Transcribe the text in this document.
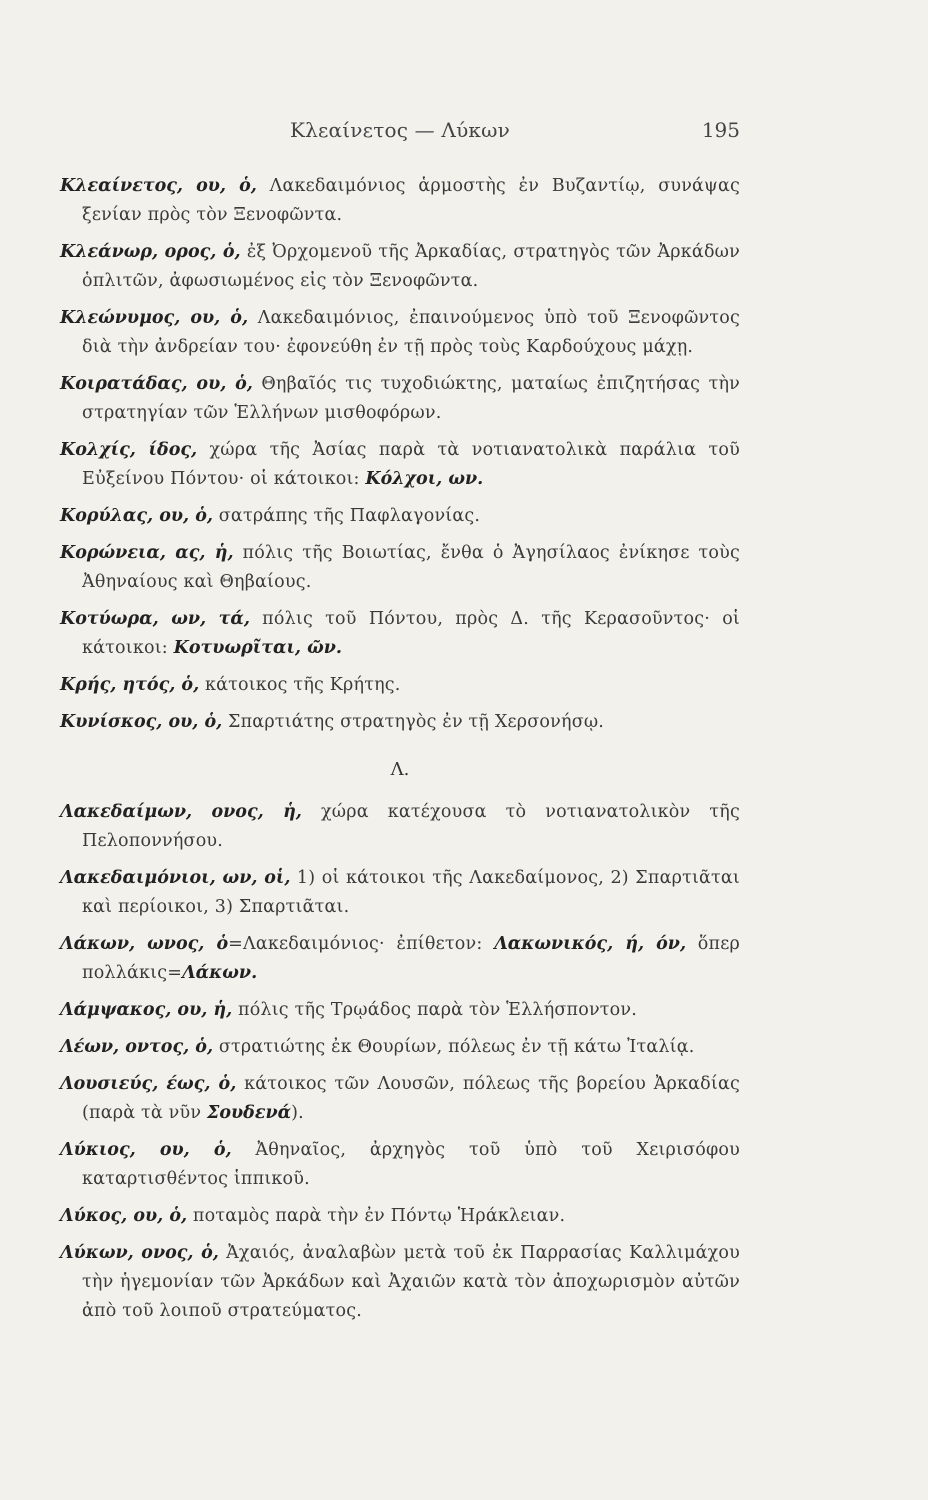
Κλεαίνετος — Λύκων	195
Κλεαίνετος, ου, ὁ, Λακεδαιμόνιος ἁρμοστὴς ἐν Βυζαντίῳ, συνάψας ξενίαν πρὸς τὸν Ξενοφῶντα.
Κλεάνωρ, ορος, ὁ, ἐξ Ὀρχομενοῦ τῆς Ἀρκαδίας, στρατηγὸς τῶν Ἀρκάδων ὁπλιτῶν, ἀφωσιωμένος εἰς τὸν Ξενοφῶντα.
Κλεώνυμος, ου, ὁ, Λακεδαιμόνιος, ἐπαινούμενος ὑπὸ τοῦ Ξενοφῶντος διὰ τὴν ἀνδρείαν του· ἐφονεύθη ἐν τῇ πρὸς τοὺς Καρδούχους μάχῃ.
Κοιρατάδας, ου, ὁ, Θηβαῖός τις τυχοδιώκτης, ματαίως ἐπιζητήσας τὴν στρατηγίαν τῶν Ἑλλήνων μισθοφόρων.
Κολχίς, ίδος, χώρα τῆς Ἀσίας παρὰ τὰ νοτιανατολικὰ παράλια τοῦ Εὐξείνου Πόντου· οἱ κάτοικοι: Κόλχοι, ων.
Κορύλας, ου, ὁ, σατράπης τῆς Παφλαγονίας.
Κορώνεια, ας, ἡ, πόλις τῆς Βοιωτίας, ἔνθα ὁ Ἀγησίλαος ἐνίκησε τοὺς Ἀθηναίους καὶ Θηβαίους.
Κοτύωρα, ων, τά, πόλις τοῦ Πόντου, πρὸς Δ. τῆς Κερασοῦντος· οἱ κάτοικοι: Κοτυωρῖται, ῶν.
Κρής, ητός, ὁ, κάτοικος τῆς Κρήτης.
Κυνίσκος, ου, ὁ, Σπαρτιάτης στρατηγὸς ἐν τῇ Χερσονήσῳ.
Λ.
Λακεδαίμων, ονος, ἡ, χώρα κατέχουσα τὸ νοτιανατολικὸν τῆς Πελοποννήσου.
Λακεδαιμόνιοι, ων, οἱ, 1) οἱ κάτοικοι τῆς Λακεδαίμονος, 2) Σπαρτιᾶται καὶ περίοικοι, 3) Σπαρτιᾶται.
Λάκων, ωνος, ὁ=Λακεδαιμόνιος· ἐπίθετον: Λακωνικός, ή, όν, ὅπερ πολλάκις=Λάκων.
Λάμψακος, ου, ἡ, πόλις τῆς Τρῳάδος παρὰ τὸν Ἑλλήσποντον.
Λέων, οντος, ὁ, στρατιώτης ἐκ Θουρίων, πόλεως ἐν τῇ κάτω Ἰταλίᾳ.
Λουσιεύς, έως, ὁ, κάτοικος τῶν Λουσῶν, πόλεως τῆς βορείου Ἀρκαδίας (παρὰ τὰ νῦν Σουδενά).
Λύκιος, ου, ὁ, Ἀθηναῖος, ἀρχηγὸς τοῦ ὑπὸ τοῦ Χειρισόφου καταρτισθέντος ἱππικοῦ.
Λύκος, ου, ὁ, ποταμὸς παρὰ τὴν ἐν Πόντῳ Ἡράκλειαν.
Λύκων, ονος, ὁ, Ἀχαιός, ἀναλαβὼν μετὰ τοῦ ἐκ Παρρασίας Καλλιμάχου τὴν ἡγεμονίαν τῶν Ἀρκάδων καὶ Ἀχαιῶν κατὰ τὸν ἀποχωρισμὸν αὐτῶν ἀπὸ τοῦ λοιποῦ στρατεύματος.
